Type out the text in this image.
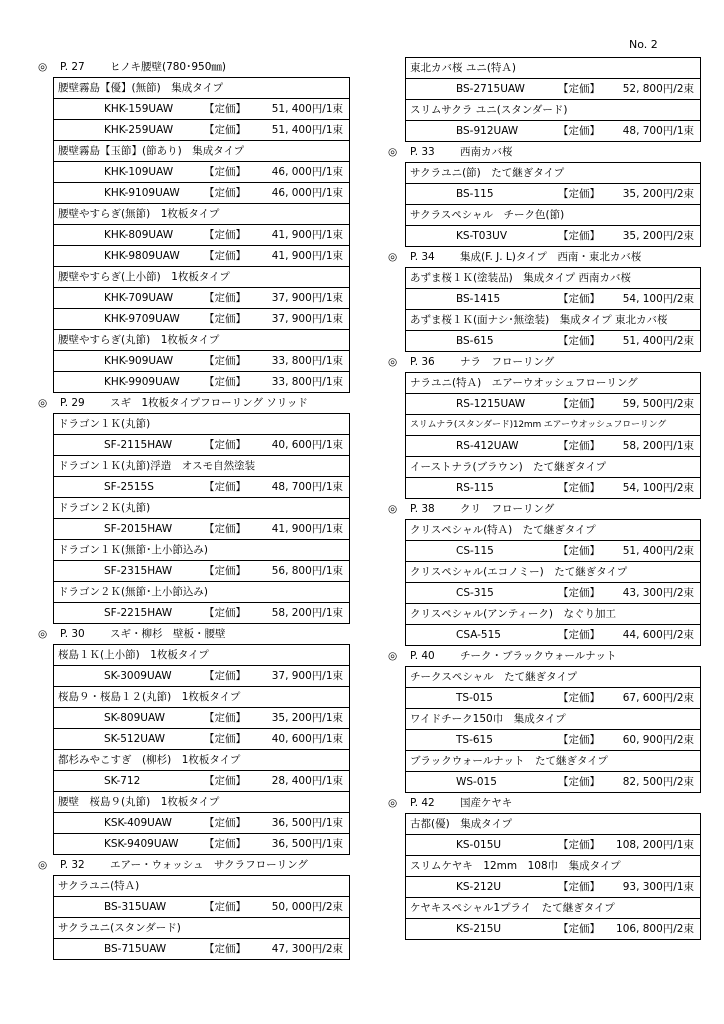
No. 2
◎ P. 27 ヒノキ腰壁(780･950㎜)
腰壁霧島【優】(無節)　集成タイプ
KHK-159UAW	【定価】 51, 400円/1束
KHK-259UAW	【定価】 51, 400円/1束
腰壁霧島【玉節】(節あり)　集成タイプ
KHK-109UAW	【定価】 46, 000円/1束
KHK-9109UAW 【定価】 46, 000円/1束
腰壁やすらぎ(無節)　1枚板タイプ
KHK-809UAW	【定価】 41, 900円/1束
KHK-9809UAW 【定価】 41, 900円/1束
腰壁やすらぎ(上小節)　1枚板タイプ
KHK-709UAW	【定価】 37, 900円/1束
KHK-9709UAW 【定価】 37, 900円/1束
腰壁やすらぎ(丸節)　1枚板タイプ
KHK-909UAW	【定価】 33, 800円/1束
KHK-9909UAW 【定価】 33, 800円/1束
◎ P. 29 スギ　1枚板タイプフローリング ソリッド
ドラゴン１Ｋ(丸節)
SF-2115HAW	【定価】 40, 600円/1束
ドラゴン１Ｋ(丸節)浮造　オスモ自然塗装
SF-2515S	【定価】 48, 700円/1束
ドラゴン２Ｋ(丸節)
SF-2015HAW	【定価】 41, 900円/1束
ドラゴン１Ｋ(無節･上小節込み)
SF-2315HAW	【定価】 56, 800円/1束
ドラゴン２Ｋ(無節･上小節込み)
SF-2215HAW	【定価】 58, 200円/1束
◎ P. 30 スギ・柳杉　壁板・腰壁
桜島１Ｋ(上小節)　1枚板タイプ
SK-3009UAW	【定価】 37, 900円/1束
桜島９・桜島１２(丸節)　1枚板タイプ
SK-809UAW	【定価】 35, 200円/1束
SK-512UAW	【定価】 40, 600円/1束
都杉みやこすぎ　(柳杉)　1枚板タイプ
SK-712	【定価】 28, 400円/1束
腰壁　桜島９(丸節)　1枚板タイプ
KSK-409UAW	【定価】 36, 500円/1束
KSK-9409UAW 【定価】 36, 500円/1束
◎ P. 32 エアー・ウォッシュ　サクラフローリング
サクラユニ(特Ａ)
BS-315UAW	【定価】 50, 000円/2束
サクラユニ(スタンダード)
BS-715UAW	【定価】 47, 300円/2束
東北カバ桜 ユニ(特Ａ)
BS-2715UAW	【定価】 52, 800円/2束
スリムサクラ ユニ(スタンダード)
BS-912UAW	【定価】 48, 700円/1束
◎ P. 33 西南カバ桜
サクラユニ(節)　たて継ぎタイプ
BS-115	【定価】 35, 200円/2束
サクラスペシャル　チーク色(節)
KS-T03UV	【定価】 35, 200円/2束
◎ P. 34 集成(F. J. L)タイプ　西南・東北カバ桜
あずま桜１Ｋ(塗装品)　集成タイプ 西南カバ桜
BS-1415	【定価】 54, 100円/2束
あずま桜１Ｋ(面ナシ･無塗装)　集成タイプ 東北カバ桜
BS-615	【定価】 51, 400円/2束
◎ P. 36 ナラ　フローリング
ナラユニ(特Ａ)　エアーウオッシュフローリング
RS-1215UAW	【定価】 59, 500円/2束
スリムナラ(スタンダード)12mm エアーウオッシュフローリング
RS-412UAW	【定価】 58, 200円/1束
イーストナラ(ブラウン)　たて継ぎタイプ
RS-115	【定価】 54, 100円/2束
◎ P. 38 クリ　フローリング
クリスペシャル(特Ａ)　たて継ぎタイプ
CS-115	【定価】 51, 400円/2束
クリスペシャル(エコノミー)　たて継ぎタイプ
CS-315	【定価】 43, 300円/2束
クリスペシャル(アンティーク)　なぐり加工
CSA-515	【定価】 44, 600円/2束
◎ P. 40 チーク・ブラックウォールナット
チークスペシャル　たて継ぎタイプ
TS-015	【定価】 67, 600円/2束
ワイドチーク150巾　集成タイプ
TS-615	【定価】 60, 900円/2束
ブラックウォールナット　たて継ぎタイプ
WS-015	【定価】 82, 500円/2束
◎ P. 42 国産ケヤキ
古都(優)　集成タイプ
KS-015U	【定価】 108, 200円/1束
スリムケヤキ　12mm　108巾　集成タイプ
KS-212U	【定価】 93, 300円/1束
ケヤキスペシャル1プライ　たて継ぎタイプ
KS-215U	【定価】 106, 800円/2束
